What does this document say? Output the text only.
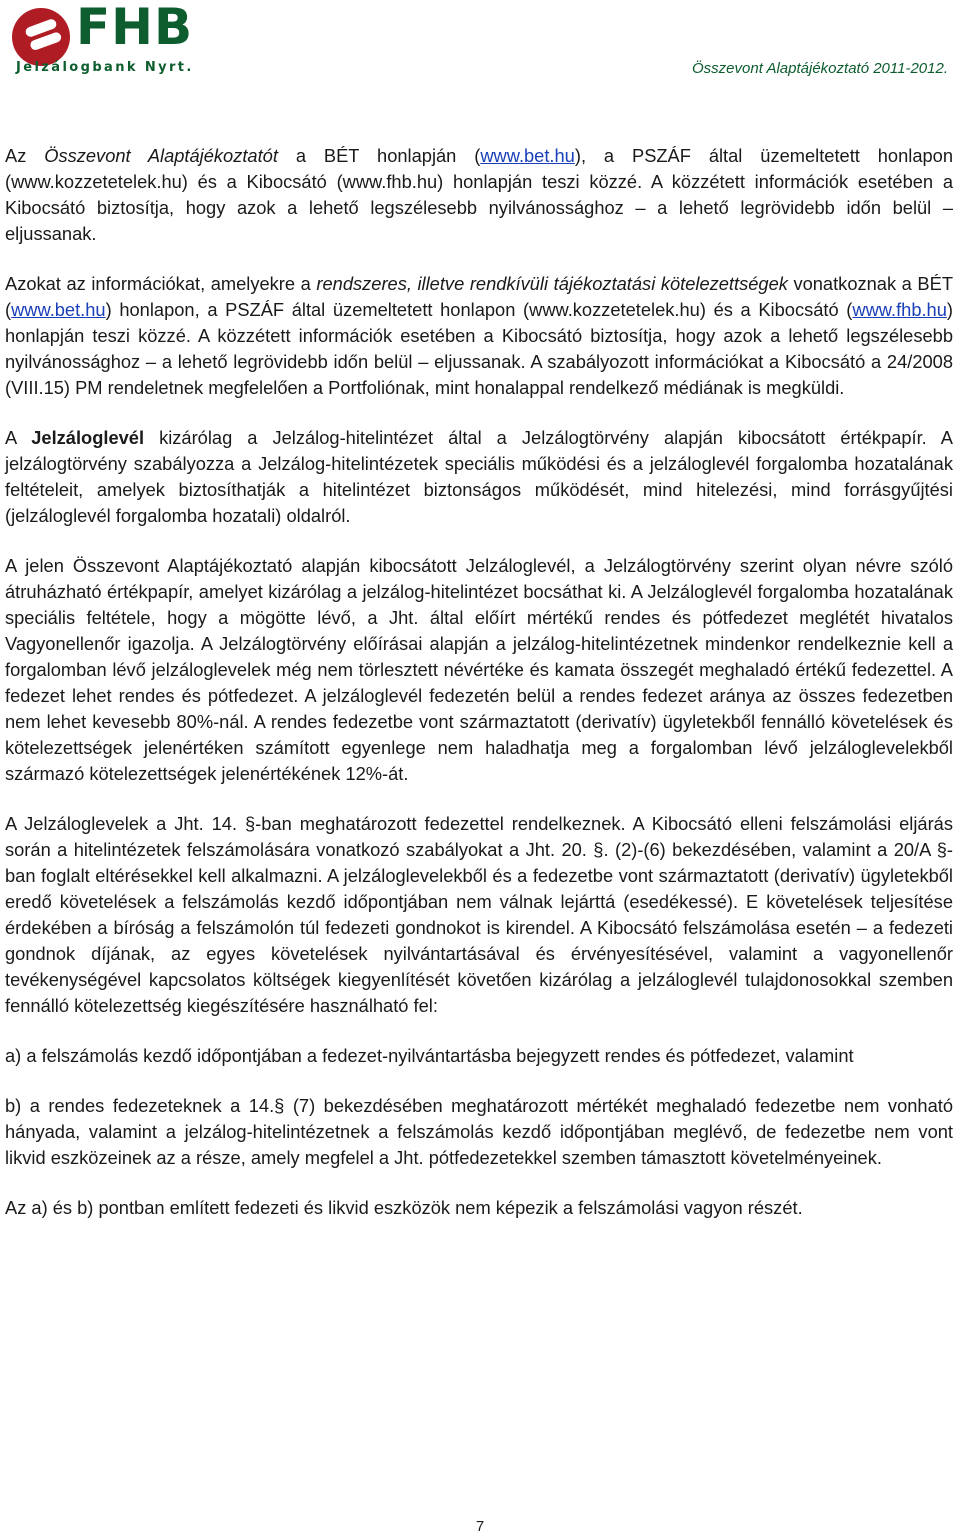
FHB
Jelzálogbank Nyrt.	Összevont Alaptájékoztató 2011-2012.

Az Összevont Alaptájékoztatót a BÉT honlapján (www.bet.hu), a PSZÁF által üzemeltetett honlapon (www.kozzetetelek.hu) és a Kibocsátó (www.fhb.hu) honlapján teszi közzé. A közzétett információk esetében a Kibocsátó biztosítja, hogy azok a lehető legszélesebb nyilvánossághoz – a lehető legrövidebb időn belül – eljussanak.

Azokat az információkat, amelyekre a rendszeres, illetve rendkívüli tájékoztatási kötelezettségek vonatkoznak a BÉT (www.bet.hu) honlapon, a PSZÁF által üzemeltetett honlapon (www.kozzetetelek.hu) és a Kibocsátó (www.fhb.hu) honlapján teszi közzé. A közzétett információk esetében a Kibocsátó biztosítja, hogy azok a lehető legszélesebb nyilvánossághoz – a lehető legrövidebb időn belül – eljussanak. A szabályozott információkat a Kibocsátó a 24/2008 (VIII.15) PM rendeletnek megfelelően a Portfoliónak, mint honalappal rendelkező médiának is megküldi.

A Jelzáloglevél kizárólag a Jelzálog-hitelintézet által a Jelzálogtörvény alapján kibocsátott értékpapír. A jelzálogtörvény szabályozza a Jelzálog-hitelintézetek speciális működési és a jelzáloglevél forgalomba hozatalának feltételeit, amelyek biztosíthatják a hitelintézet biztonságos működését, mind hitelezési, mind forrásgyűjtési (jelzáloglevél forgalomba hozatali) oldalról.

A jelen Összevont Alaptájékoztató alapján kibocsátott Jelzáloglevél, a Jelzálogtörvény szerint olyan névre szóló átruházható értékpapír, amelyet kizárólag a jelzálog-hitelintézet bocsáthat ki. A Jelzáloglevél forgalomba hozatalának speciális feltétele, hogy a mögötte lévő, a Jht. által előírt mértékű rendes és pótfedezet meglétét hivatalos Vagyonellenőr igazolja. A Jelzálogtörvény előírásai alapján a jelzálog-hitelintézetnek mindenkor rendelkeznie kell a forgalomban lévő jelzáloglevelek még nem törlesztett névértéke és kamata összegét meghaladó értékű fedezettel. A fedezet lehet rendes és pótfedezet. A jelzáloglevél fedezetén belül a rendes fedezet aránya az összes fedezetben nem lehet kevesebb 80%-nál. A rendes fedezetbe vont származtatott (derivatív) ügyletekből fennálló követelések és kötelezettségek jelenértéken számított egyenlege nem haladhatja meg a forgalomban lévő jelzáloglevelekből származó kötelezettségek jelenértékének 12%-át.

A Jelzáloglevelek a Jht. 14. §-ban meghatározott fedezettel rendelkeznek. A Kibocsátó elleni felszámolási eljárás során a hitelintézetek felszámolására vonatkozó szabályokat a Jht. 20. §. (2)-(6) bekezdésében, valamint a 20/A §-ban foglalt eltérésekkel kell alkalmazni. A jelzáloglevelekből és a fedezetbe vont származtatott (derivatív) ügyletekből eredő követelések a felszámolás kezdő időpontjában nem válnak lejárttá (esedékessé). E követelések teljesítése érdekében a bíróság a felszámolón túl fedezeti gondnokot is kirendel. A Kibocsátó felszámolása esetén – a fedezeti gondnok díjának, az egyes követelések nyilvántartásával és érvényesítésével, valamint a vagyonellenőr tevékenységével kapcsolatos költségek kiegyenlítését követően kizárólag a jelzáloglevél tulajdonosokkal szemben fennálló kötelezettség kiegészítésére használható fel:

a) a felszámolás kezdő időpontjában a fedezet-nyilvántartásba bejegyzett rendes és pótfedezet, valamint

b) a rendes fedezeteknek a 14.§ (7) bekezdésében meghatározott mértékét meghaladó fedezetbe nem vonható hányada, valamint a jelzálog-hitelintézetnek a felszámolás kezdő időpontjában meglévő, de fedezetbe nem vont likvid eszközeinek az a része, amely megfelel a Jht. pótfedezetekkel szemben támasztott követelményeinek.

Az a) és b) pontban említett fedezeti és likvid eszközök nem képezik a felszámolási vagyon részét.

7
